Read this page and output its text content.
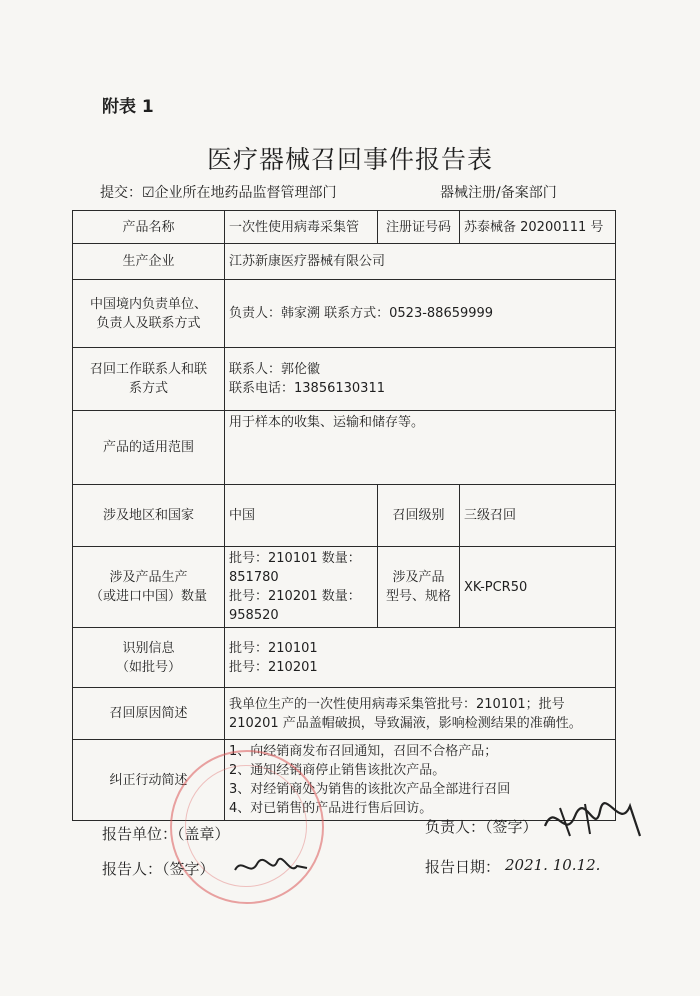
附表 1
医疗器械召回事件报告表
提交：☑企业所在地药品监督管理部门	器械注册/备案部门
产品名称	一次性使用病毒采集管	注册证号码	苏泰械备 20200111 号
生产企业	江苏新康医疗器械有限公司		

中国境内负责单位、
负责人及联系方式	负责人：韩家溯 联系方式：0523-88659999		

召回工作联系人和联
系方式	联系人：郭伦徽
联系电话：13856130311		

产品的适用范围	用于样本的收集、运输和储存等。		
涉及地区和国家	中国	召回级别	三级召回

涉及产品生产
（或进口中国）数量	批号：210101 数量：
851780
批号：210201 数量：
958520	涉及产品
型号、规格	XK-PCR50

识别信息
（如批号）	批号：210101
批号：210201		

召回原因简述	我单位生产的一次性使用病毒采集管批号：210101；批号
210201 产品盖帽破损，导致漏液，影响检测结果的准确性。		

纠正行动简述	1、向经销商发布召回通知，召回不合格产品；
2、通知经销商停止销售该批次产品。
3、对经销商处为销售的该批次产品全部进行召回
4、对已销售的产品进行售后回访。		
报告单位：（盖章）	负责人：（签字）
报告人：（签字）	报告日期： 2021. 10.12.
